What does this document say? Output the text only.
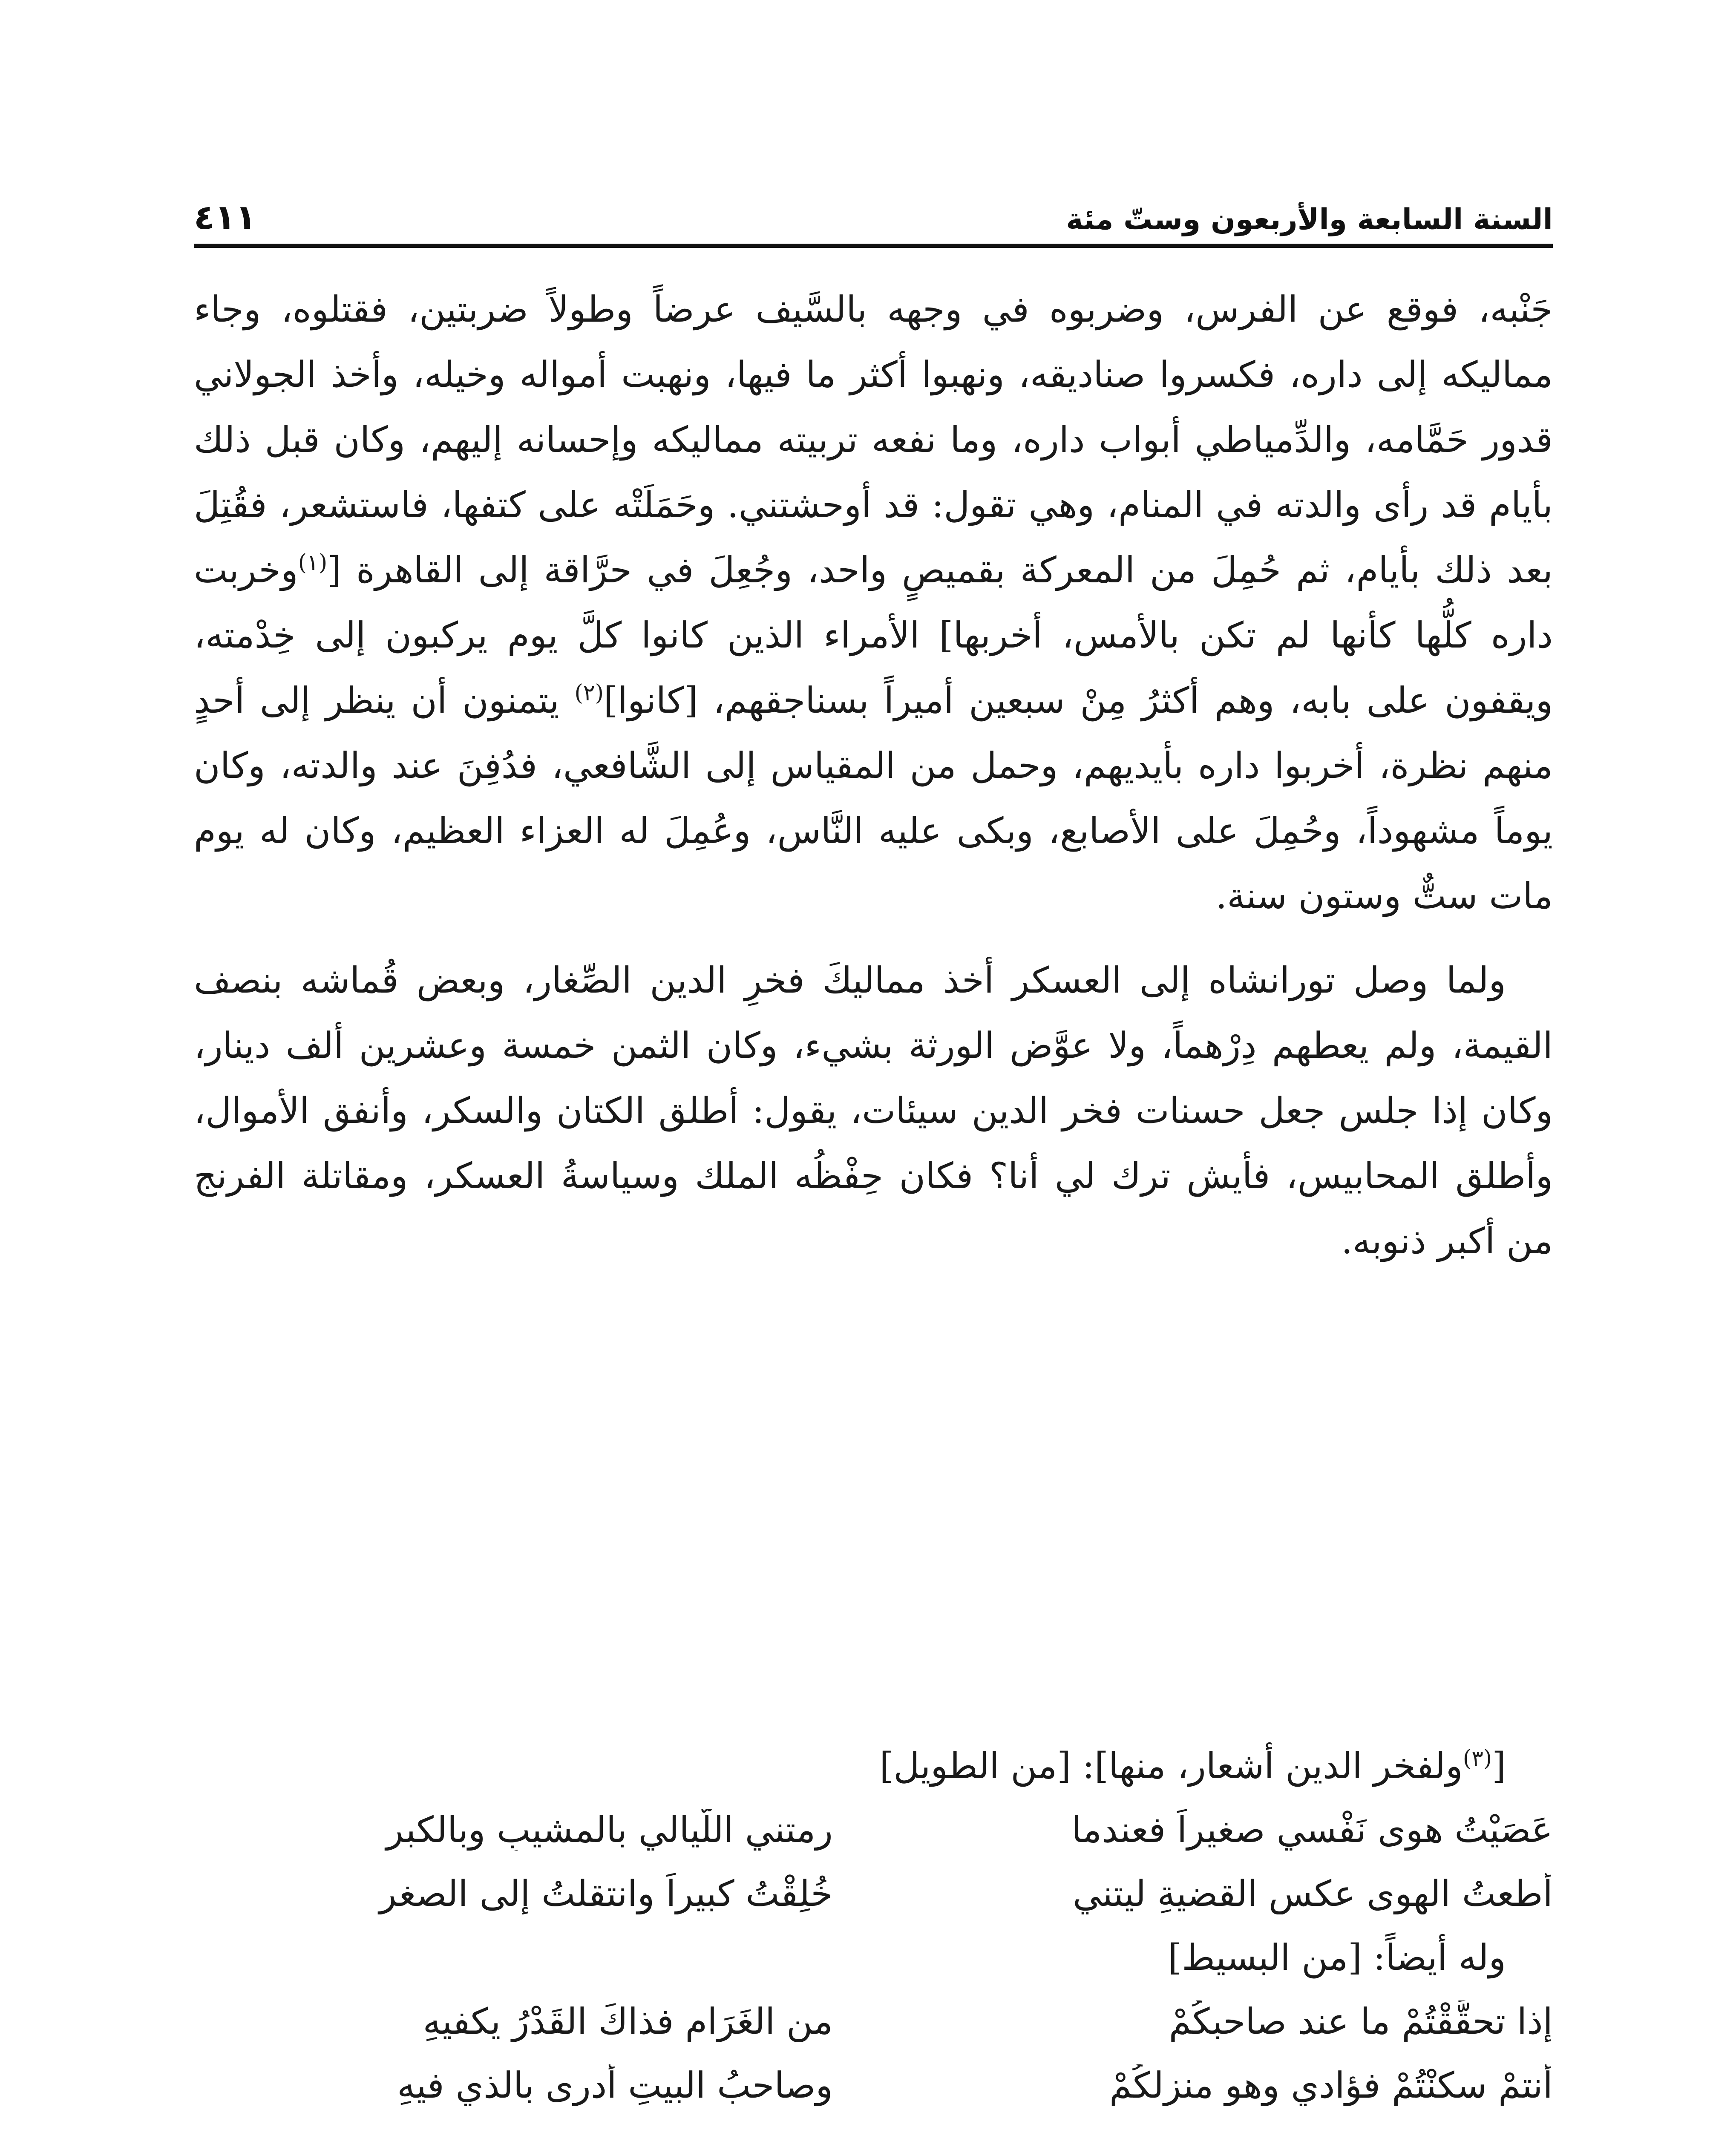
السنة السابعة والأربعون وستّ مئة
٤١١

جَنْبه، فوقع عن الفرس، وضربوه في وجهه بالسَّيف عرضاً وطولاً ضربتين، فقتلوه، وجاء مماليكه إلى داره، فكسروا صناديقه، ونهبوا أكثر ما فيها، ونهبت أمواله وخيله، وأخذ الجولاني قدور حَمَّامه، والدِّمياطي أبواب داره، وما نفعه تربيته مماليكه وإحسانه إليهم، وكان قبل ذلك بأيام قد رأى والدته في المنام، وهي تقول: قد أوحشتني. وحَمَلَتْه على كتفها، فاستشعر، فقُتِلَ بعد ذلك بأيام، ثم حُمِلَ من المعركة بقميصٍ واحد، وجُعِلَ في حرَّاقة إلى القاهرة [$^{(١)}$وخربت داره كلُّها كأنها لم تكن بالأمس، أخربها] الأمراء الذين كانوا كلَّ يوم يركبون إلى خِدْمته، ويقفون على بابه، وهم أكثرُ مِنْ سبعين أميراً بسناجقهم، [كانوا]$^{(٢)}$ يتمنون أن ينظر إلى أحدٍ منهم نظرة، أخربوا داره بأيديهم، وحمل من المقياس إلى الشَّافعي، فدُفِنَ عند والدته، وكان يوماً مشهوداً، وحُمِلَ على الأصابع، وبكى عليه النَّاس، وعُمِلَ له العزاء العظيم، وكان له يوم مات ستٌّ وستون سنة.

ولما وصل تورانشاه إلى العسكر أخذ مماليكَ فخرِ الدين الصِّغار، وبعض قُماشه بنصف القيمة، ولم يعطهم دِرْهماً، ولا عوَّض الورثة بشيء، وكان الثمن خمسة وعشرين ألف دينار، وكان إذا جلس جعل حسنات فخر الدين سيئات، يقول: أطلق الكتان والسكر، وأنفق الأموال، وأطلق المحابيس، فأيش ترك لي أنا؟ فكان حِفْظُه الملك وسياسةُ العسكر، ومقاتلة الفرنج من أكبر ذنوبه.

[$^{(٣)}$ولفخر الدين أشعار، منها]: [من الطويل]
عَصَيْتُ هوى نَفْسي صغيراً فعندما
رمتني اللَّيالي بالمشيبِ وبالكبرِ
أطعتُ الهوى عكس القضيةِ ليتني
خُلِقْتُ كبيراً وانتقلتُ إلى الصغر
وله أيضاً: [من البسيط]
إذا تحقَّقْتُمْ ما عند صاحبكُمْ
من الغَرَامِ فذاكَ القَدْرُ يكفيهِ
أنتمْ سكنْتُمْ فؤادي وهو منزلكُمْ
وصاحبُ البيتِ أدرى بالذي فيهِ
